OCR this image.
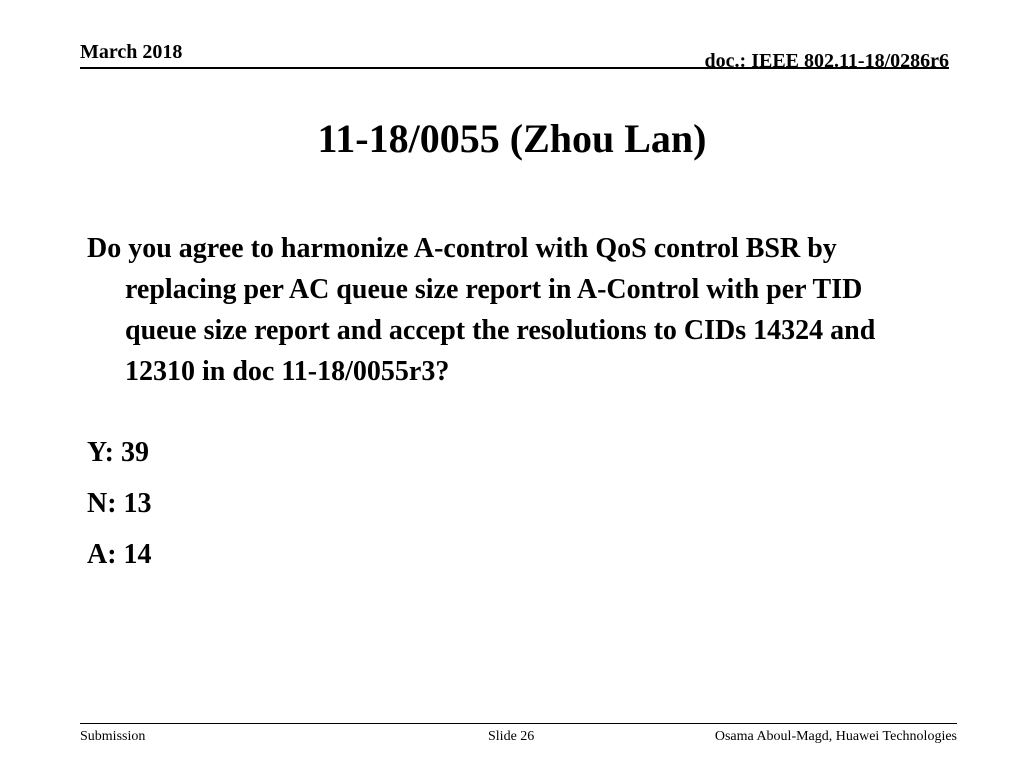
March 2018	doc.: IEEE 802.11-18/0286r6
11-18/0055 (Zhou Lan)

Do you agree to harmonize A-control with QoS control BSR by replacing per AC queue size report in A-Control with per TID queue size report and accept the resolutions to CIDs 14324 and 12310 in doc 11-18/0055r3?

Y: 39

N: 13

A: 14

Submission	Slide 26	Osama Aboul-Magd, Huawei Technologies
